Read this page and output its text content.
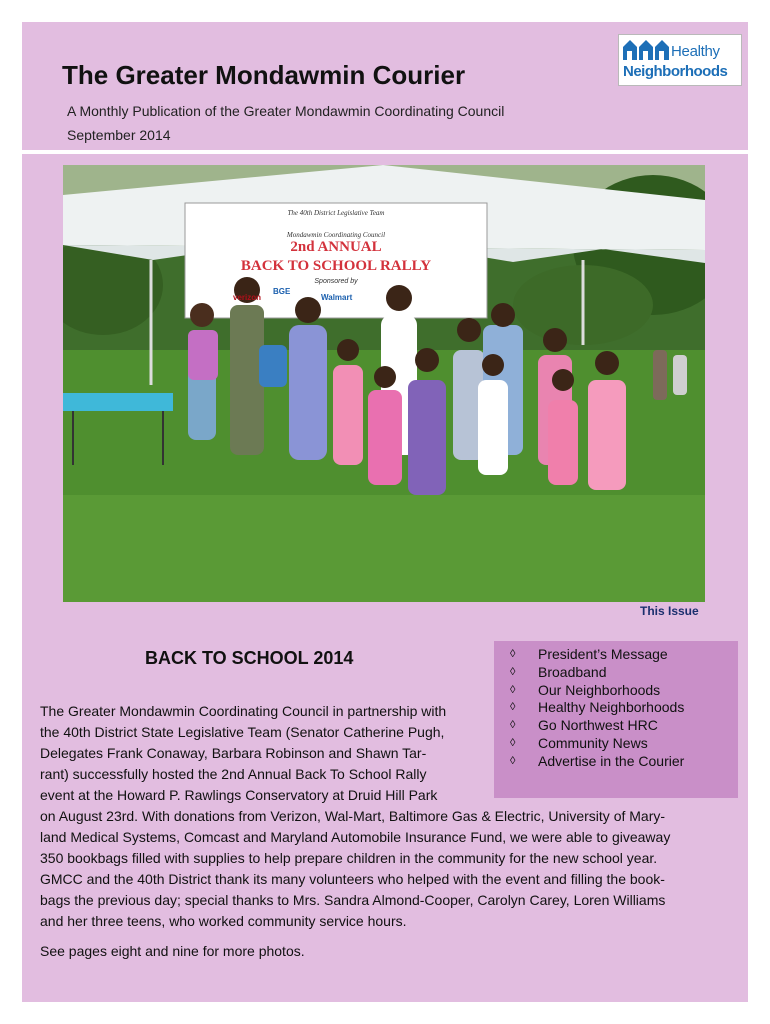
The Greater Mondawmin Courier
A Monthly Publication of the Greater Mondawmin Coordinating Council
September 2014
Healthy
Neighborhoods
The 40th District Legislative Team
Mondawmin Coordinating Council
2nd ANNUAL
BACK TO SCHOOL RALLY
Sponsored by
verizon	Walmart
BGE
This Issue
◊ President’s Message
◊ Broadband
◊ Our Neighborhoods
◊ Healthy Neighborhoods
◊ Go Northwest HRC
◊ Community News
◊ Advertise in the Courier
BACK TO SCHOOL 2014
The Greater Mondawmin Coordinating Council in partnership with
the 40th District State Legislative Team (Senator Catherine Pugh,
Delegates Frank Conaway, Barbara Robinson and Shawn Tar-
rant) successfully hosted the 2nd Annual Back To School Rally
event at the Howard P. Rawlings Conservatory at Druid Hill Park
on August 23rd. With donations from Verizon, Wal-Mart, Baltimore Gas & Electric, University of Mary-
land Medical Systems, Comcast and Maryland Automobile Insurance Fund, we were able to giveaway
350 bookbags filled with supplies to help prepare children in the community for the new school year.
GMCC and the 40th District thank its many volunteers who helped with the event and filling the book-
bags the previous day; special thanks to Mrs. Sandra Almond-Cooper, Carolyn Carey, Loren Williams
and her three teens, who worked community service hours.
See pages eight and nine for more photos.
